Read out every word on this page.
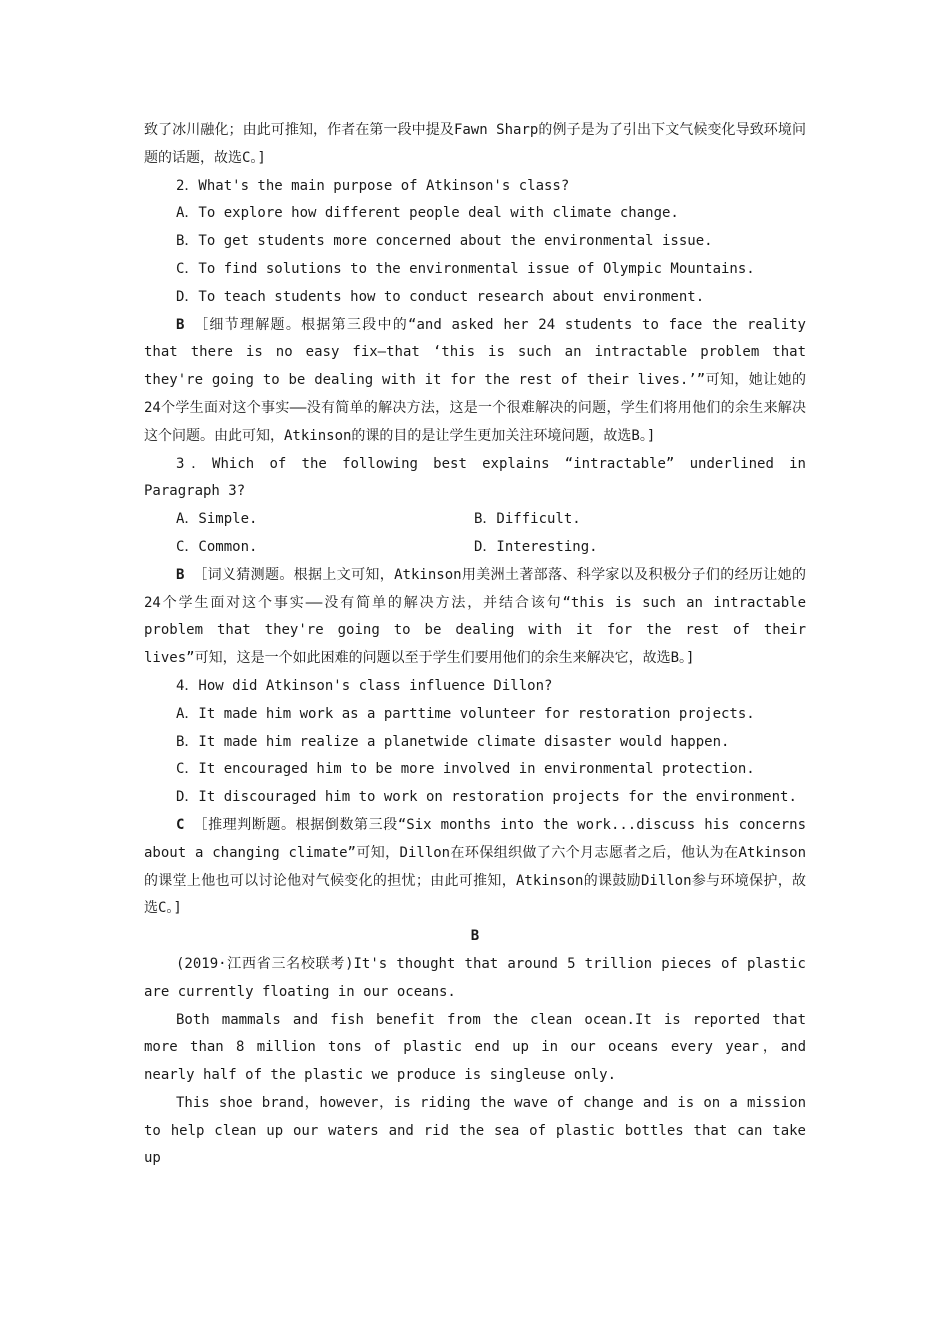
致了冰川融化；由此可推知，作者在第一段中提及Fawn Sharp的例子是为了引出下文气候变化导致环境问题的话题，故选C。]

2．What's the main purpose of Atkinson's class?

A．To explore how different people deal with climate change.

B．To get students more concerned about the environmental issue.

C．To find solutions to the environmental issue of Olympic Mountains.

D．To teach students how to conduct research about environment.

B ［细节理解题。根据第三段中的“and asked her 24 students to face the reality that there is no easy fix—that ‘this is such an intractable problem that they're going to be dealing with it for the rest of their lives.’”可知，她让她的24个学生面对这个事实——没有简单的解决方法，这是一个很难解决的问题，学生们将用他们的余生来解决这个问题。由此可知，Atkinson的课的目的是让学生更加关注环境问题，故选B。]

3．Which of the following best explains “intractable” underlined in Paragraph 3?

A．Simple.	B．Difficult.
C．Common.	D．Interesting.

B ［词义猜测题。根据上文可知，Atkinson用美洲土著部落、科学家以及积极分子们的经历让她的24个学生面对这个事实——没有简单的解决方法，并结合该句“this is such an intractable problem that they're going to be dealing with it for the rest of their lives”可知，这是一个如此困难的问题以至于学生们要用他们的余生来解决它，故选B。]

4．How did Atkinson's class influence Dillon?

A．It made him work as a parttime volunteer for restoration projects.

B．It made him realize a planetwide climate disaster would happen.

C．It encouraged him to be more involved in environmental protection.

D．It discouraged him to work on restoration projects for the environment.

C ［推理判断题。根据倒数第三段“Six months into the work...discuss his concerns about a changing climate”可知，Dillon在环保组织做了六个月志愿者之后，他认为在Atkinson的课堂上他也可以讨论他对气候变化的担忧；由此可推知，Atkinson的课鼓励Dillon参与环境保护，故选C。]

B

(2019·江西省三名校联考)It's thought that around 5 trillion pieces of plastic are currently floating in our oceans.

Both mammals and fish benefit from the clean ocean.It is reported that more than 8 million tons of plastic end up in our oceans every year，and nearly half of the plastic we produce is singleuse only.

This shoe brand，however，is riding the wave of change and is on a mission to help clean up our waters and rid the sea of plastic bottles that can take up
